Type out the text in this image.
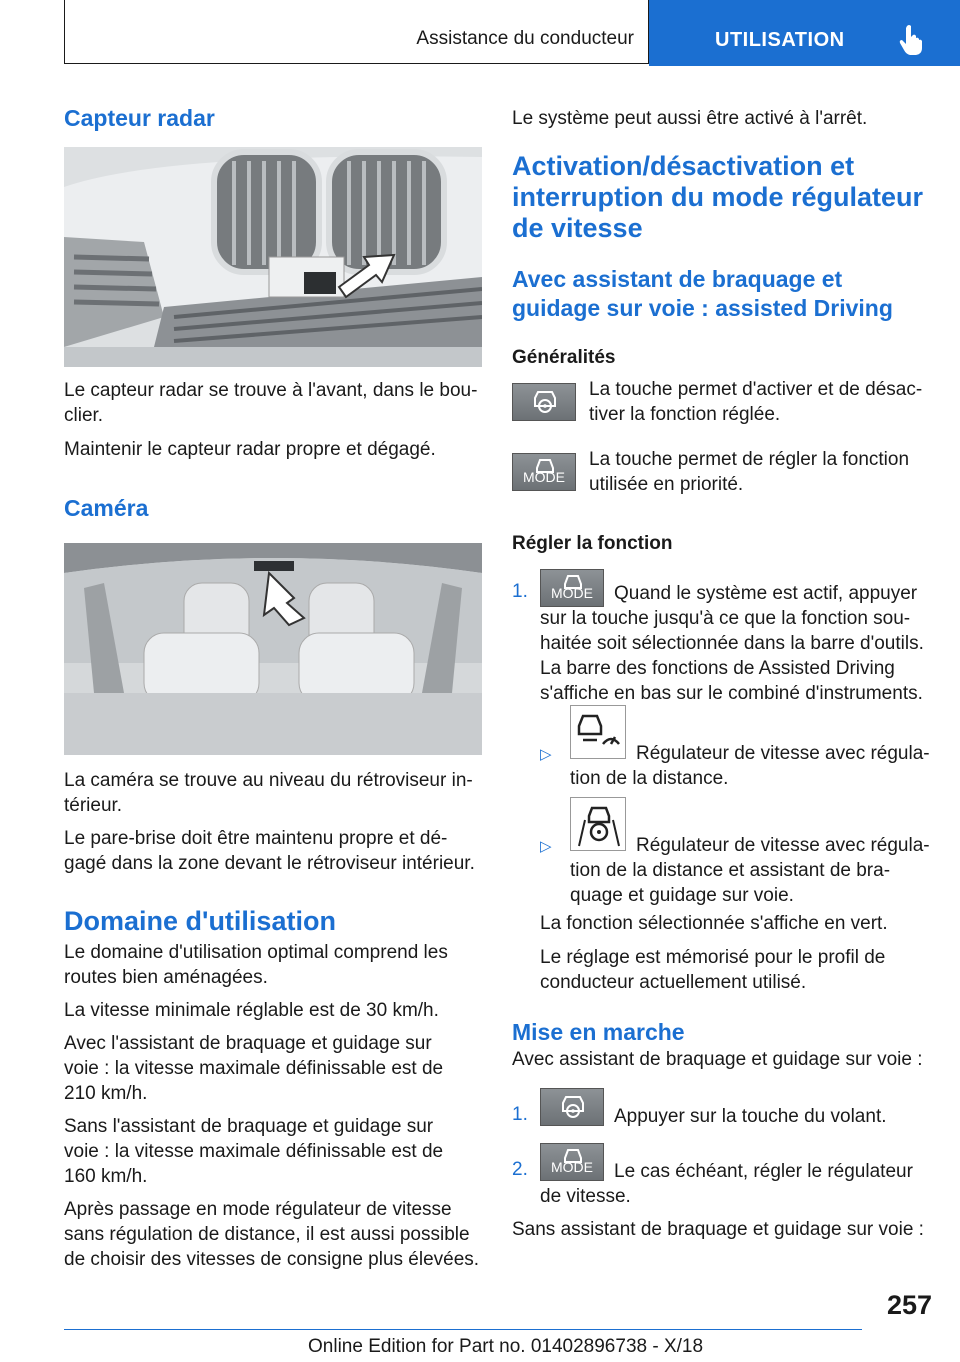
Assistance du conducteur	UTILISATION
Capteur radar

Le capteur radar se trouve à l'avant, dans le bou-

clier.

Maintenir le capteur radar propre et dégagé.

Caméra

La caméra se trouve au niveau du rétroviseur in-

térieur.

Le pare-brise doit être maintenu propre et dé-

gagé dans la zone devant le rétroviseur intérieur.

Domaine d'utilisation

Le domaine d'utilisation optimal comprend les

routes bien aménagées.

La vitesse minimale réglable est de 30 km/h.

Avec l'assistant de braquage et guidage sur

voie : la vitesse maximale définissable est de

210 km/h.

Sans l'assistant de braquage et guidage sur

voie : la vitesse maximale définissable est de

160 km/h.

Après passage en mode régulateur de vitesse

sans régulation de distance, il est aussi possible

de choisir des vitesses de consigne plus élevées.

Le système peut aussi être activé à l'arrêt.

Activation/désactivation et
interruption du mode régulateur
de vitesse
Avec assistant de braquage et
guidage sur voie : assisted Driving
Généralités

La touche permet d'activer et de désac-

tiver la fonction réglée.

MODE

La touche permet de régler la fonction

utilisée en priorité.

Régler la fonction
1.	MODE	Quand le système est actif, appuyer

sur la touche jusqu'à ce que la fonction sou-

haitée soit sélectionnée dans la barre d'outils.

La barre des fonctions de Assisted Driving

s'affiche en bas sur le combiné d'instruments.

▷	Régulateur de vitesse avec régula-

tion de la distance.

▷	Régulateur de vitesse avec régula-

tion de la distance et assistant de bra-

quage et guidage sur voie.

La fonction sélectionnée s'affiche en vert.

Le réglage est mémorisé pour le profil de

conducteur actuellement utilisé.

Mise en marche

Avec assistant de braquage et guidage sur voie :

1.	Appuyer sur la touche du volant.

2.	MODE	Le cas échéant, régler le régulateur

de vitesse.

Sans assistant de braquage et guidage sur voie :

257
Online Edition for Part no. 01402896738 - X/18
